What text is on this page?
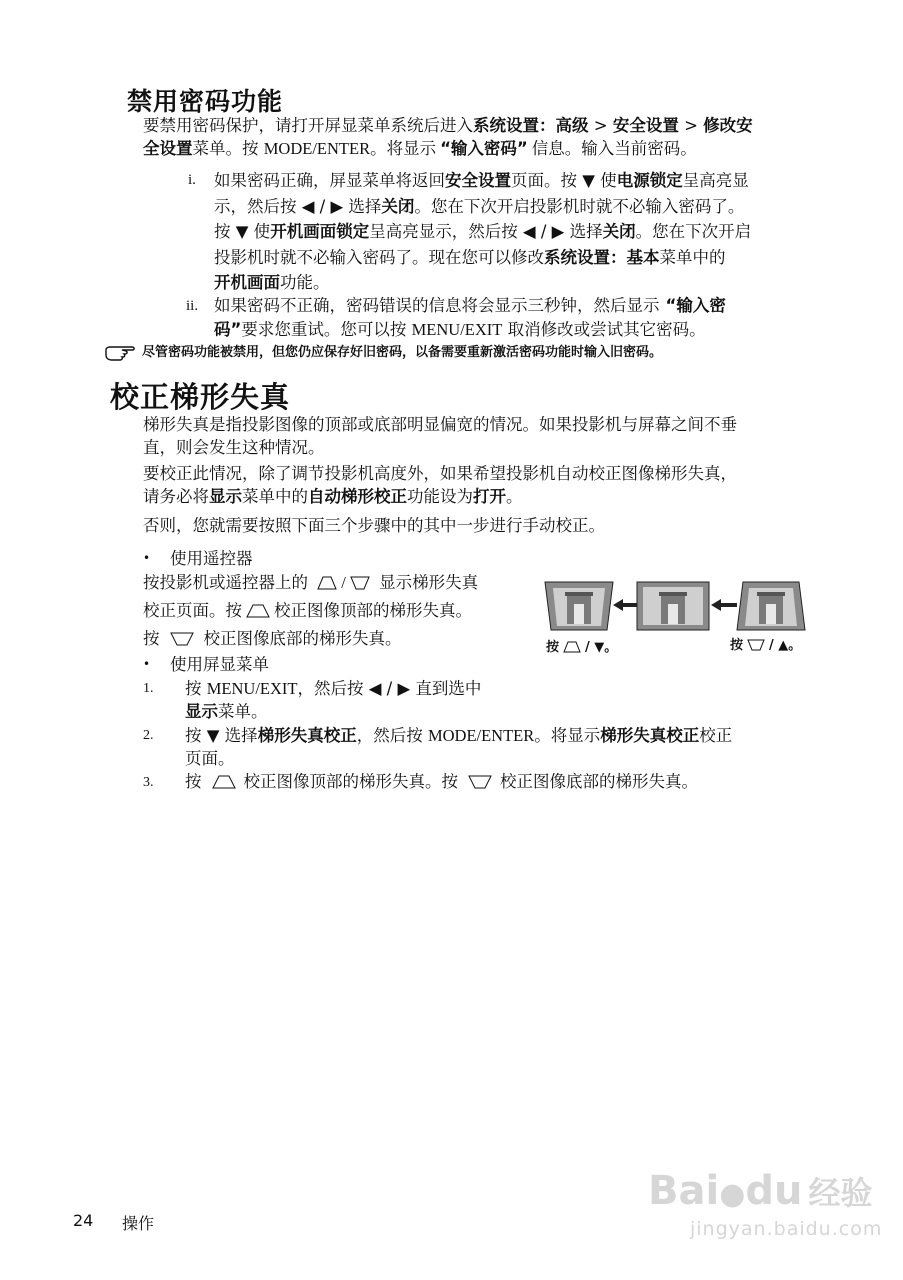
禁用密码功能
要禁用密码保护，请打开屏显菜单系统后进入系统设置：高级 > 安全设置 > 修改安
全设置菜单。按 MODE/ENTER。将显示 “输入密码” 信息。输入当前密码。
i. 如果密码正确，屏显菜单将返回安全设置页面。按 ▼ 使电源锁定呈高亮显
示，然后按 ◀ / ▶ 选择关闭。您在下次开启投影机时就不必输入密码了。
按 ▼ 使开机画面锁定呈高亮显示，然后按 ◀ / ▶ 选择关闭。您在下次开启
投影机时就不必输入密码了。现在您可以修改系统设置：基本菜单中的
开机画面功能。
ii. 如果密码不正确，密码错误的信息将会显示三秒钟，然后显示 “输入密
码”要求您重试。您可以按 MENU/EXIT 取消修改或尝试其它密码。
尽管密码功能被禁用，但您仍应保存好旧密码，以备需要重新激活密码功能时输入旧密码。
校正梯形失真
梯形失真是指投影图像的顶部或底部明显偏宽的情况。如果投影机与屏幕之间不垂
直，则会发生这种情况。
要校正此情况，除了调节投影机高度外，如果希望投影机自动校正图像梯形失真，
请务必将显示菜单中的自动梯形校正功能设为打开。
否则，您就需要按照下面三个步骤中的其中一步进行手动校正。
• 使用遥控器
按投影机或遥控器上的 / 显示梯形失真
校正页面。按 校正图像顶部的梯形失真。
按	校正图像底部的梯形失真。	按 / ▼。	按 / ▲。
• 使用屏显菜单
1. 按 MENU/EXIT，然后按 ◀ / ▶ 直到选中
显示菜单。
2. 按 ▼ 选择梯形失真校正，然后按 MODE/ENTER。将显示梯形失真校正校正
页面。
3. 按	校正图像顶部的梯形失真。按	校正图像底部的梯形失真。
24 操作
Bai●du 经验
jingyan.baidu.com
